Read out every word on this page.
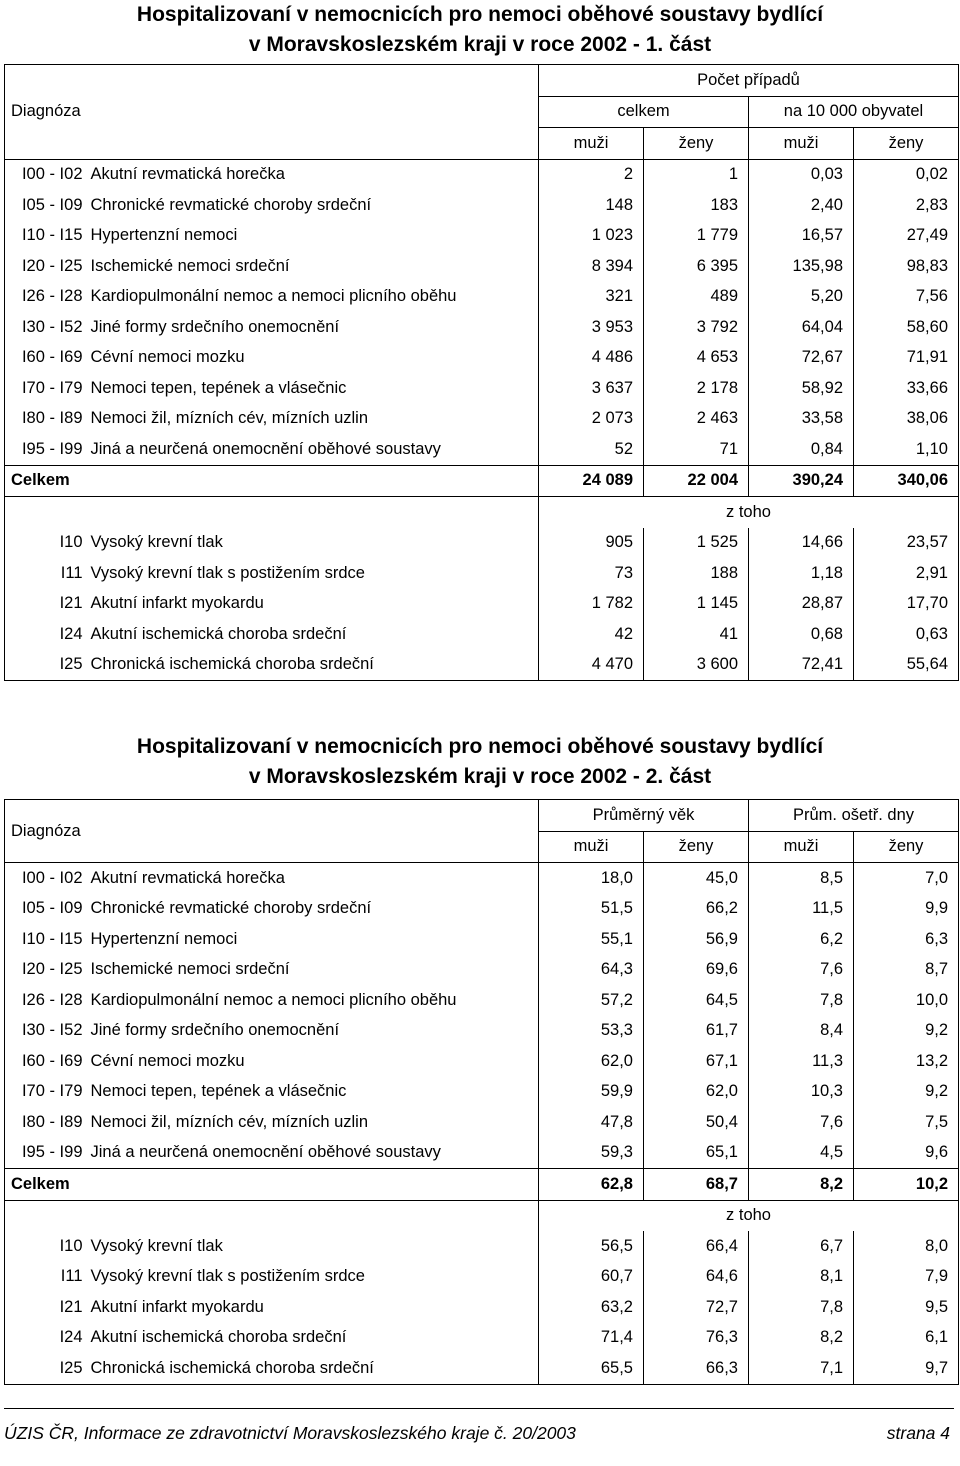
Hospitalizovaní v nemocnicích pro nemoci oběhové soustavy bydlící
v Moravskoslezském kraji v roce 2002 - 1. část
		Počet případů			
Diagnóza		celkem		na 10 000 obyvatel	
		muži	ženy	muži	ženy
I00 - I02	Akutní revmatická horečka	2	1	0,03	0,02
I05 - I09	Chronické revmatické choroby srdeční	148	183	2,40	2,83
I10 - I15	Hypertenzní nemoci	1 023	1 779	16,57	27,49
I20 - I25	Ischemické nemoci srdeční	8 394	6 395	135,98	98,83
I26 - I28	Kardiopulmonální nemoc a nemoci plicního oběhu	321	489	5,20	7,56
I30 - I52	Jiné formy srdečního onemocnění	3 953	3 792	64,04	58,60
I60 - I69	Cévní nemoci mozku	4 486	4 653	72,67	71,91
I70 - I79	Nemoci tepen, tepének a vlásečnic	3 637	2 178	58,92	33,66
I80 - I89	Nemoci žil, mízních cév, mízních uzlin	2 073	2 463	33,58	38,06
I95 - I99	Jiná a neurčená onemocnění oběhové soustavy	52	71	0,84	1,10
Celkem		24 089	22 004	390,24	340,06
		z toho			
I10	Vysoký krevní tlak	905	1 525	14,66	23,57
I11	Vysoký krevní tlak s postižením srdce	73	188	1,18	2,91
I21	Akutní infarkt myokardu	1 782	1 145	28,87	17,70
I24	Akutní ischemická choroba srdeční	42	41	0,68	0,63
I25	Chronická ischemická choroba srdeční	4 470	3 600	72,41	55,64
Hospitalizovaní v nemocnicích pro nemoci oběhové soustavy bydlící
v Moravskoslezském kraji v roce 2002 - 2. část
Diagnóza		Průměrný věk		Prům. ošetř. dny	
		muži	ženy	muži	ženy
I00 - I02	Akutní revmatická horečka	18,0	45,0	8,5	7,0
I05 - I09	Chronické revmatické choroby srdeční	51,5	66,2	11,5	9,9
I10 - I15	Hypertenzní nemoci	55,1	56,9	6,2	6,3
I20 - I25	Ischemické nemoci srdeční	64,3	69,6	7,6	8,7
I26 - I28	Kardiopulmonální nemoc a nemoci plicního oběhu	57,2	64,5	7,8	10,0
I30 - I52	Jiné formy srdečního onemocnění	53,3	61,7	8,4	9,2
I60 - I69	Cévní nemoci mozku	62,0	67,1	11,3	13,2
I70 - I79	Nemoci tepen, tepének a vlásečnic	59,9	62,0	10,3	9,2
I80 - I89	Nemoci žil, mízních cév, mízních uzlin	47,8	50,4	7,6	7,5
I95 - I99	Jiná a neurčená onemocnění oběhové soustavy	59,3	65,1	4,5	9,6
Celkem		62,8	68,7	8,2	10,2
		z toho			
I10	Vysoký krevní tlak	56,5	66,4	6,7	8,0
I11	Vysoký krevní tlak s postižením srdce	60,7	64,6	8,1	7,9
I21	Akutní infarkt myokardu	63,2	72,7	7,8	9,5
I24	Akutní ischemická choroba srdeční	71,4	76,3	8,2	6,1
I25	Chronická ischemická choroba srdeční	65,5	66,3	7,1	9,7
ÚZIS ČR, Informace ze zdravotnictví Moravskoslezského kraje č. 20/2003	strana 4
